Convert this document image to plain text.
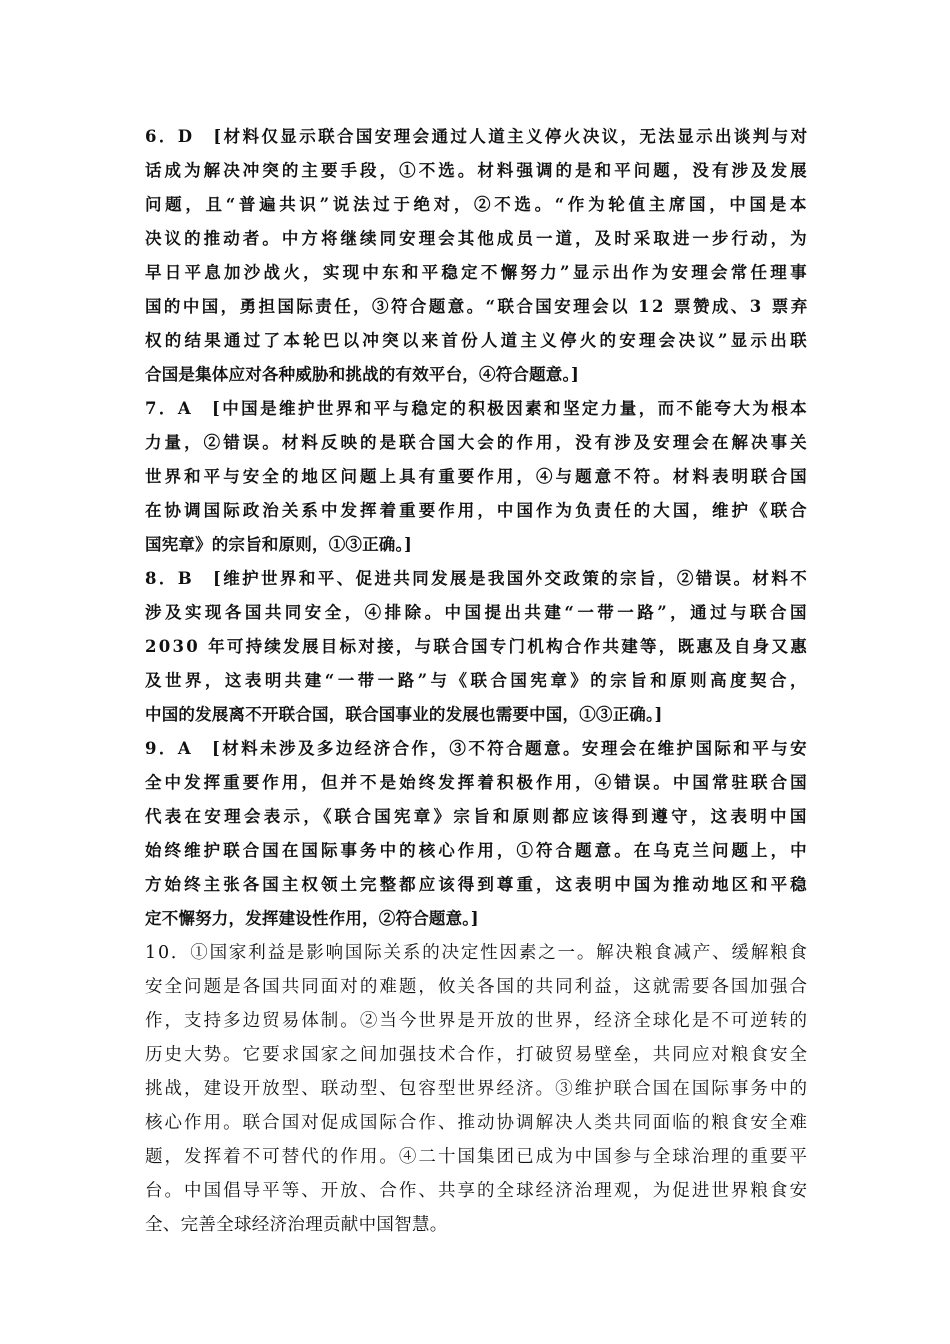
6．D　[材料仅显示联合国安理会通过人道主义停火决议，无法显示出谈判与对
话成为解决冲突的主要手段，①不选。材料强调的是和平问题，没有涉及发展
问题，且“普遍共识”说法过于绝对，②不选。“作为轮值主席国，中国是本
决议的推动者。中方将继续同安理会其他成员一道，及时采取进一步行动，为
早日平息加沙战火，实现中东和平稳定不懈努力”显示出作为安理会常任理事
国的中国，勇担国际责任，③符合题意。“联合国安理会以 12 票赞成、3 票弃
权的结果通过了本轮巴以冲突以来首份人道主义停火的安理会决议”显示出联
合国是集体应对各种威胁和挑战的有效平台，④符合题意。]
7．A　[中国是维护世界和平与稳定的积极因素和坚定力量，而不能夸大为根本
力量，②错误。材料反映的是联合国大会的作用，没有涉及安理会在解决事关
世界和平与安全的地区问题上具有重要作用，④与题意不符。材料表明联合国
在协调国际政治关系中发挥着重要作用，中国作为负责任的大国，维护《联合
国宪章》的宗旨和原则，①③正确。]
8．B　[维护世界和平、促进共同发展是我国外交政策的宗旨，②错误。材料不
涉及实现各国共同安全，④排除。中国提出共建“一带一路”，通过与联合国
2030 年可持续发展目标对接，与联合国专门机构合作共建等，既惠及自身又惠
及世界，这表明共建“一带一路”与《联合国宪章》的宗旨和原则高度契合，
中国的发展离不开联合国，联合国事业的发展也需要中国，①③正确。]
9．A　[材料未涉及多边经济合作，③不符合题意。安理会在维护国际和平与安
全中发挥重要作用，但并不是始终发挥着积极作用，④错误。中国常驻联合国
代表在安理会表示，《联合国宪章》宗旨和原则都应该得到遵守，这表明中国
始终维护联合国在国际事务中的核心作用，①符合题意。在乌克兰问题上，中
方始终主张各国主权领土完整都应该得到尊重，这表明中国为推动地区和平稳
定不懈努力，发挥建设性作用，②符合题意。]
10．①国家利益是影响国际关系的决定性因素之一。解决粮食减产、缓解粮食
安全问题是各国共同面对的难题，攸关各国的共同利益，这就需要各国加强合
作，支持多边贸易体制。②当今世界是开放的世界，经济全球化是不可逆转的
历史大势。它要求国家之间加强技术合作，打破贸易壁垒，共同应对粮食安全
挑战，建设开放型、联动型、包容型世界经济。③维护联合国在国际事务中的
核心作用。联合国对促成国际合作、推动协调解决人类共同面临的粮食安全难
题，发挥着不可替代的作用。④二十国集团已成为中国参与全球治理的重要平
台。中国倡导平等、开放、合作、共享的全球经济治理观，为促进世界粮食安
全、完善全球经济治理贡献中国智慧。
